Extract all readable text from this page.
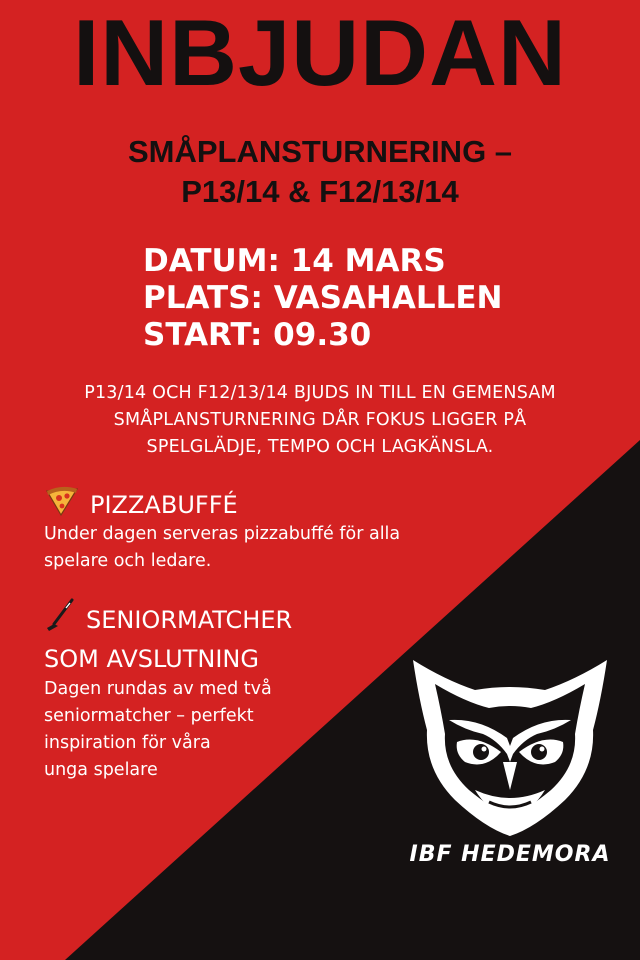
INBJUDAN
SMÅPLANSTURNERING –
P13/14 & F12/13/14
DATUM: 14 MARS
PLATS: VASAHALLEN
START: 09.30
P13/14 OCH F12/13/14 BJUDS IN TILL EN GEMENSAM
SMÅPLANSTURNERING DÅR FOKUS LIGGER PÅ
SPELGLÄDJE, TEMPO OCH LAGKÄNSLA.
PIZZABUFFÉ
Under dagen serveras pizzabuffé för alla
spelare och ledare.
SENIORMATCHER
SOM AVSLUTNING
Dagen rundas av med två
seniormatcher – perfekt
inspiration för våra
unga spelare
IBF HEDEMORA
